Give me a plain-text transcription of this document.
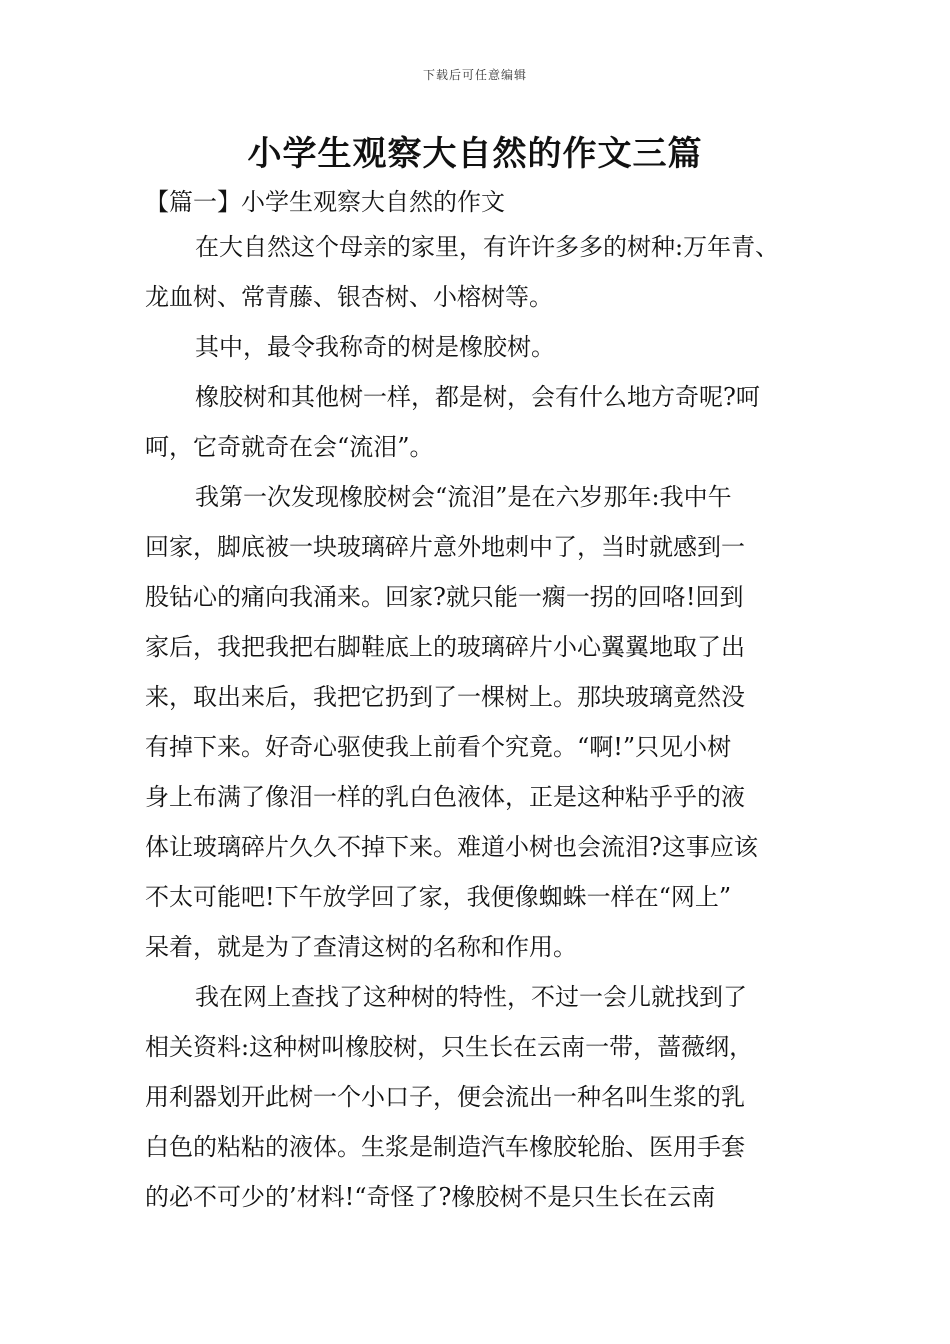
下载后可任意编辑
小学生观察大自然的作文三篇

【篇一】小学生观察大自然的作文

在大自然这个母亲的家里，有许许多多的树种:万年青、

龙血树、常青藤、银杏树、小榕树等。

其中，最令我称奇的树是橡胶树。

橡胶树和其他树一样，都是树，会有什么地方奇呢?呵

呵，它奇就奇在会“流泪”。

我第一次发现橡胶树会“流泪”是在六岁那年:我中午

回家，脚底被一块玻璃碎片意外地刺中了，当时就感到一

股钻心的痛向我涌来。回家?就只能一瘸一拐的回咯!回到

家后，我把我把右脚鞋底上的玻璃碎片小心翼翼地取了出

来，取出来后，我把它扔到了一棵树上。那块玻璃竟然没

有掉下来。好奇心驱使我上前看个究竟。“啊!”只见小树

身上布满了像泪一样的乳白色液体，正是这种粘乎乎的液

体让玻璃碎片久久不掉下来。难道小树也会流泪?这事应该

不太可能吧!下午放学回了家，我便像蜘蛛一样在“网上”

呆着，就是为了查清这树的名称和作用。

我在网上查找了这种树的特性，不过一会儿就找到了

相关资料:这种树叫橡胶树，只生长在云南一带，蔷薇纲，

用利器划开此树一个小口子，便会流出一种名叫生浆的乳

白色的粘粘的液体。生浆是制造汽车橡胶轮胎、医用手套

的必不可少的’材料!“奇怪了?橡胶树不是只生长在云南
